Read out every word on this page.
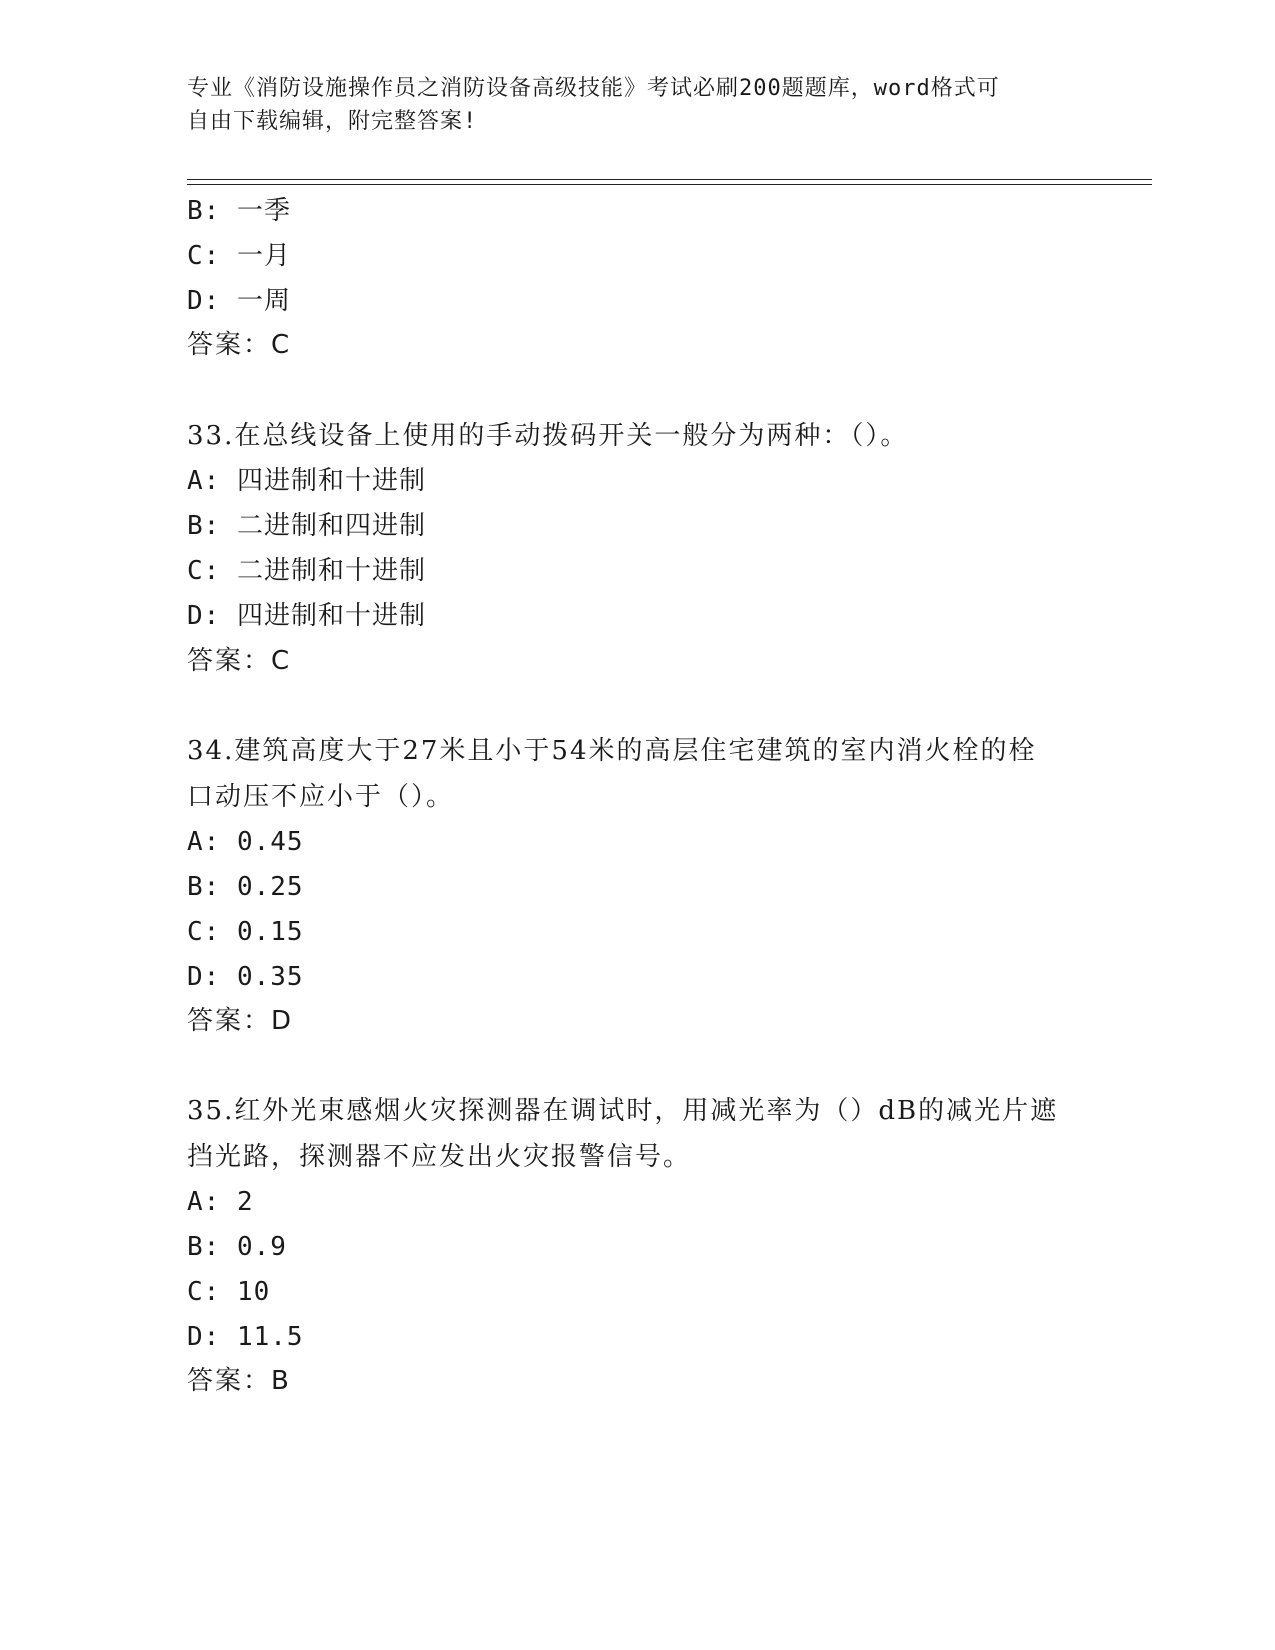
专业《消防设施操作员之消防设备高级技能》考试必刷200题题库，word格式可
自由下载编辑，附完整答案!
B: 一季
C: 一月
D: 一周
答案：C
33.在总线设备上使用的手动拨码开关一般分为两种：（）。
A: 四进制和十进制
B: 二进制和四进制
C: 二进制和十进制
D: 四进制和十进制
答案：C
34.建筑高度大于27米且小于54米的高层住宅建筑的室内消火栓的栓
口动压不应小于（）。
A: 0.45
B: 0.25
C: 0.15
D: 0.35
答案：D
35.红外光束感烟火灾探测器在调试时，用减光率为（）dB的减光片遮
挡光路，探测器不应发出火灾报警信号。
A: 2
B: 0.9
C: 10
D: 11.5
答案：B
